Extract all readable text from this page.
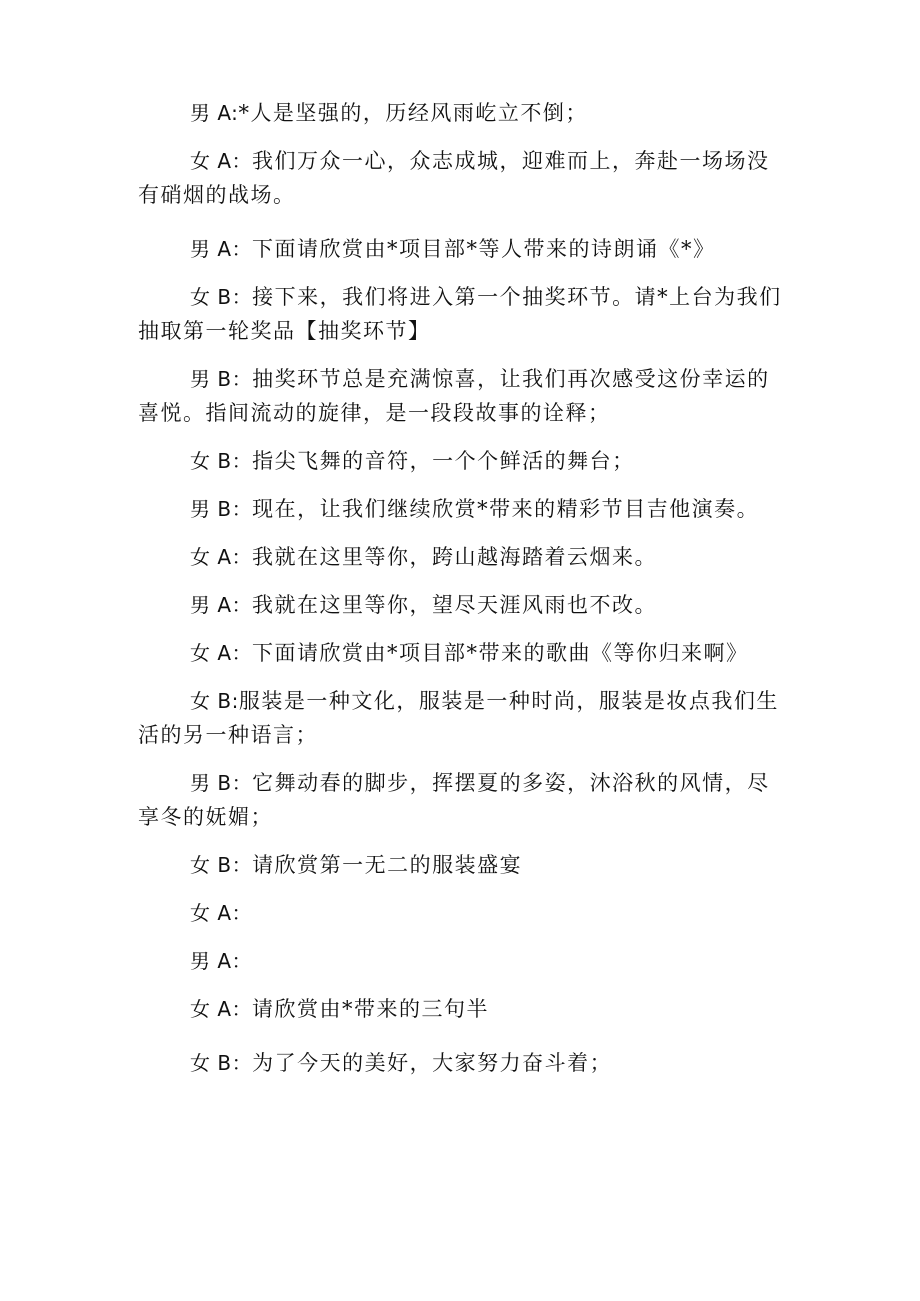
男 A:*人是坚强的，历经风雨屹立不倒；

女 A：我们万众一心，众志成城，迎难而上，奔赴一场场没有硝烟的战场。

男 A：下面请欣赏由*项目部*等人带来的诗朗诵《*》

女 B：接下来，我们将进入第一个抽奖环节。请*上台为我们抽取第一轮奖品【抽奖环节】

男 B：抽奖环节总是充满惊喜，让我们再次感受这份幸运的喜悦。指间流动的旋律，是一段段故事的诠释；

女 B：指尖飞舞的音符，一个个鲜活的舞台；

男 B：现在，让我们继续欣赏*带来的精彩节目吉他演奏。

女 A：我就在这里等你，跨山越海踏着云烟来。

男 A：我就在这里等你，望尽天涯风雨也不改。

女 A：下面请欣赏由*项目部*带来的歌曲《等你归来啊》

女 B:服装是一种文化，服装是一种时尚，服装是妆点我们生活的另一种语言；

男 B：它舞动春的脚步，挥摆夏的多姿，沐浴秋的风情，尽享冬的妩媚；

女 B：请欣赏第一无二的服装盛宴

女 A：

男 A：

女 A：请欣赏由*带来的三句半

女 B：为了今天的美好，大家努力奋斗着；
